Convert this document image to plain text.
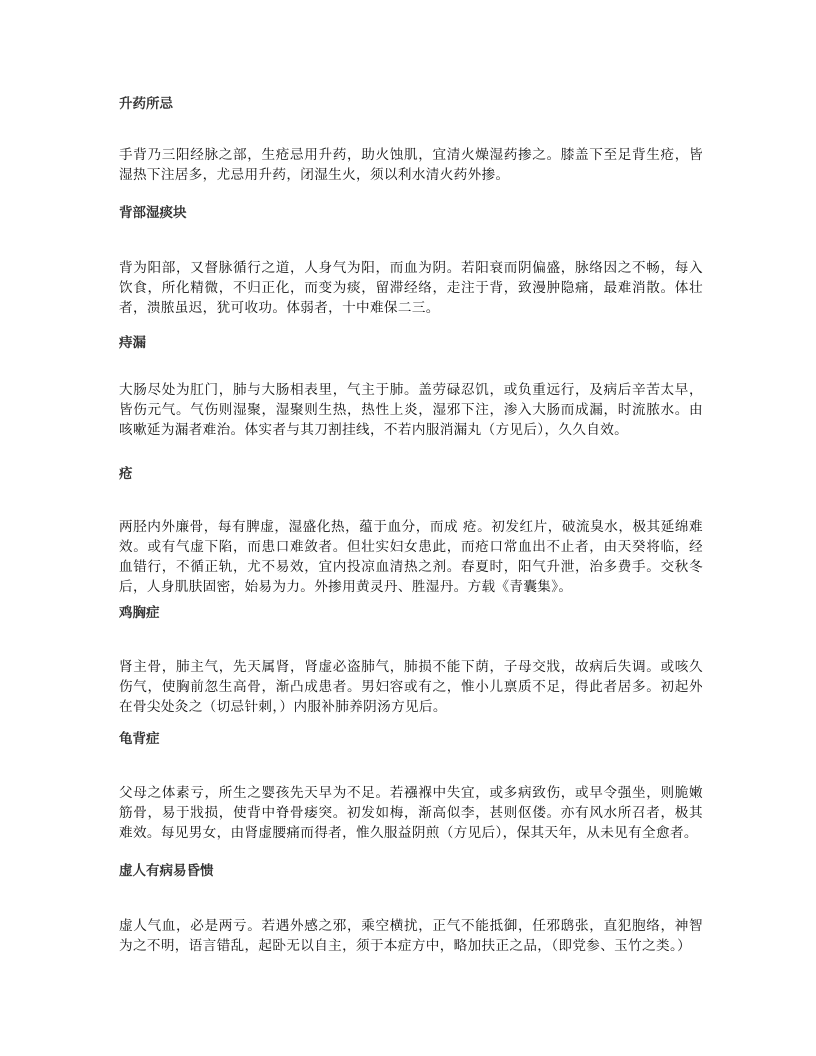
升药所忌

手背乃三阳经脉之部，生疮忌用升药，助火蚀肌，宜清火燥湿药掺之。膝盖下至足背生疮，皆湿热下注居多，尤忌用升药，闭湿生火，须以利水清火药外掺。

背部湿痰块

背为阳部，又督脉循行之道，人身气为阳，而血为阴。若阳衰而阴偏盛，脉络因之不畅，每入饮食，所化精微，不归正化，而变为痰，留滞经络，走注于背，致漫肿隐痛，最难消散。体壮者，溃脓虽迟，犹可收功。体弱者，十中难保二三。

痔漏

大肠尽处为肛门，肺与大肠相表里，气主于肺。盖劳碌忍饥，或负重远行，及病后辛苦太早，皆伤元气。气伤则湿聚，湿聚则生热，热性上炎，湿邪下注，渗入大肠而成漏，时流脓水。由咳嗽延为漏者难治。体实者与其刀割挂线，不若内服消漏丸（方见后），久久自效。

疮

两胫内外廉骨，每有脾虚，湿盛化热，蕴于血分，而成 疮。初发红片，破流臭水，极其延绵难效。或有气虚下陷，而患口难敛者。但壮实妇女患此，而疮口常血出不止者，由天癸将临，经血错行，不循正轨，尤不易效，宜内投凉血清热之剂。春夏时，阳气升泄，治多费手。交秋冬后，人身肌肤固密，始易为力。外掺用黄灵丹、胜湿丹。方载《青囊集》。

鸡胸症

肾主骨，肺主气，先天属肾，肾虚必盗肺气，肺损不能下荫，子母交戕，故病后失调。或咳久伤气，使胸前忽生高骨，渐凸成患者。男妇容或有之，惟小儿禀质不足，得此者居多。初起外在骨尖处灸之（切忌针刺，）内服补肺养阴汤方见后。

龟背症

父母之体素亏，所生之婴孩先天早为不足。若襁褓中失宜，或多病致伤，或早令强坐，则脆嫩筋骨，易于戕损，使背中脊骨痿突。初发如梅，渐高似李，甚则伛偻。亦有风水所召者，极其难效。每见男女，由肾虚腰痛而得者，惟久服益阴煎（方见后），保其天年，从未见有全愈者。

虚人有病易昏愦

虚人气血，必是两亏。若遇外感之邪，乘空横扰，正气不能抵御，任邪鸱张，直犯胞络，神智为之不明，语言错乱，起卧无以自主，须于本症方中，略加扶正之品，（即党参、玉竹之类。）
